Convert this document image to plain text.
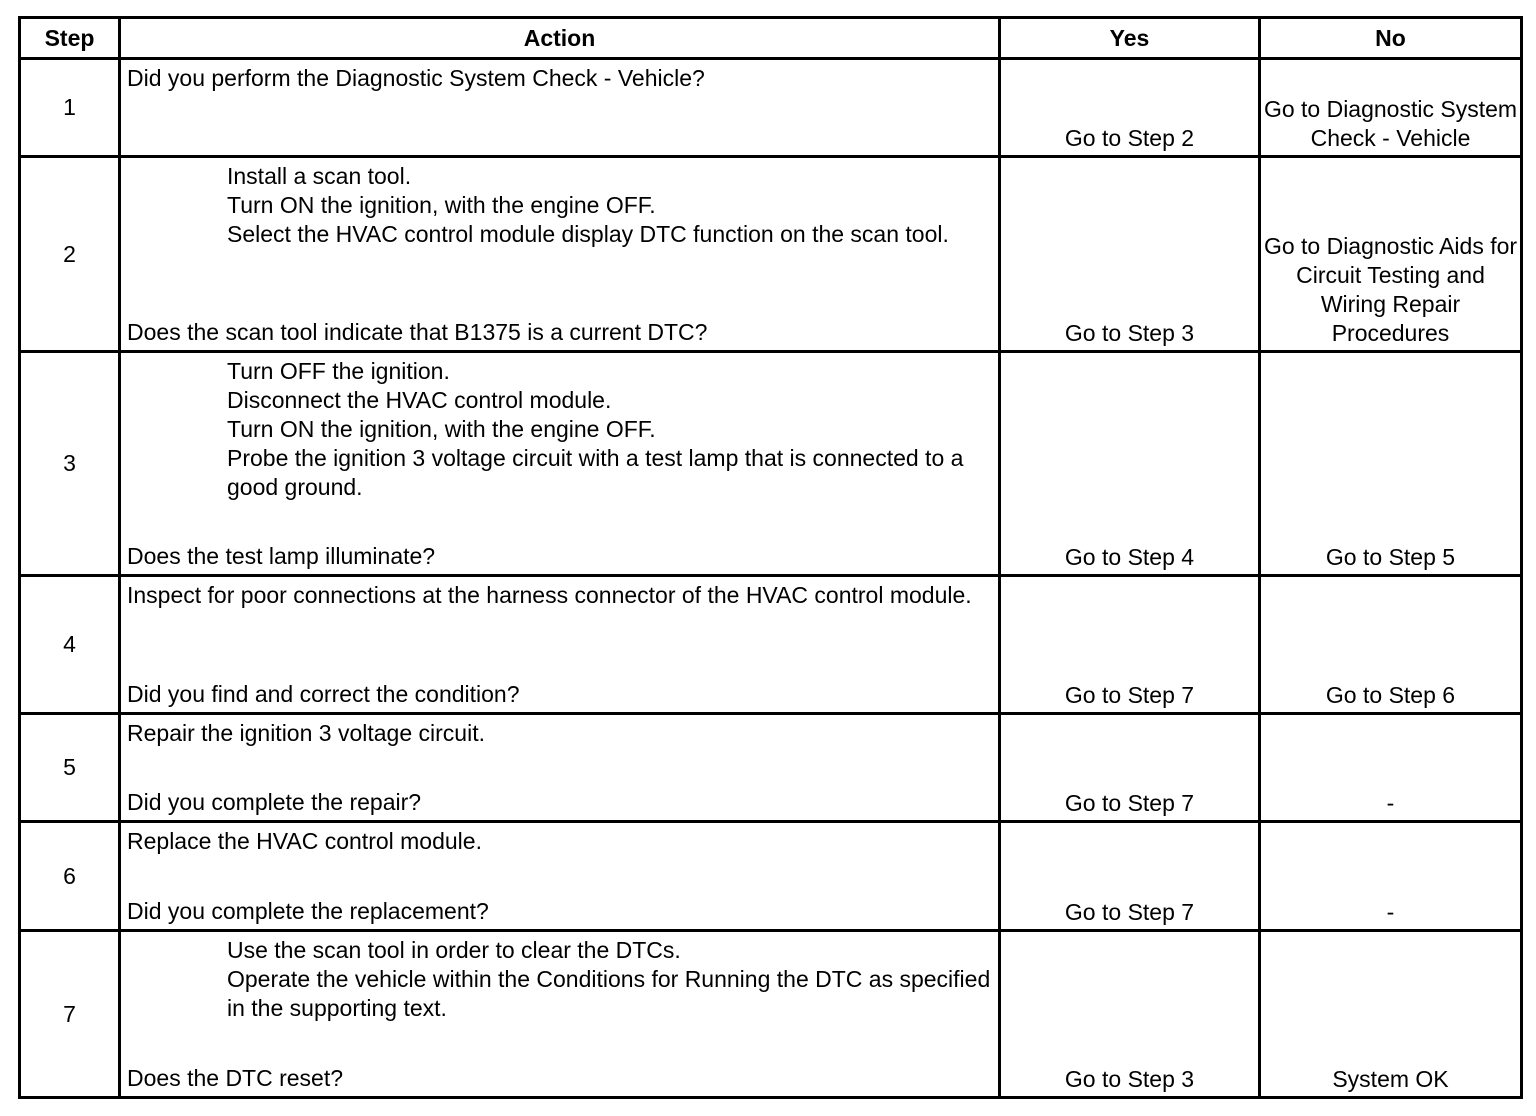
Step	Action	Yes	No
1	Did you perform the Diagnostic System Check - Vehicle?	Go to Step 2	Go to Diagnostic System Check - Vehicle
2	Install a scan tool.
Turn ON the ignition, with the engine OFF.
Select the HVAC control module display DTC function on the scan tool.
Does the scan tool indicate that B1375 is a current DTC?	Go to Step 3	Go to Diagnostic Aids for Circuit Testing and Wiring Repair Procedures
3	Turn OFF the ignition.
Disconnect the HVAC control module.
Turn ON the ignition, with the engine OFF.
Probe the ignition 3 voltage circuit with a test lamp that is connected to a good ground.
Does the test lamp illuminate?	Go to Step 4	Go to Step 5
4	Inspect for poor connections at the harness connector of the HVAC control module.
Did you find and correct the condition?	Go to Step 7	Go to Step 6
5	Repair the ignition 3 voltage circuit.
Did you complete the repair?	Go to Step 7	-
6	Replace the HVAC control module.
Did you complete the replacement?	Go to Step 7	-
7	Use the scan tool in order to clear the DTCs.
Operate the vehicle within the Conditions for Running the DTC as specified in the supporting text.
Does the DTC reset?	Go to Step 3	System OK
